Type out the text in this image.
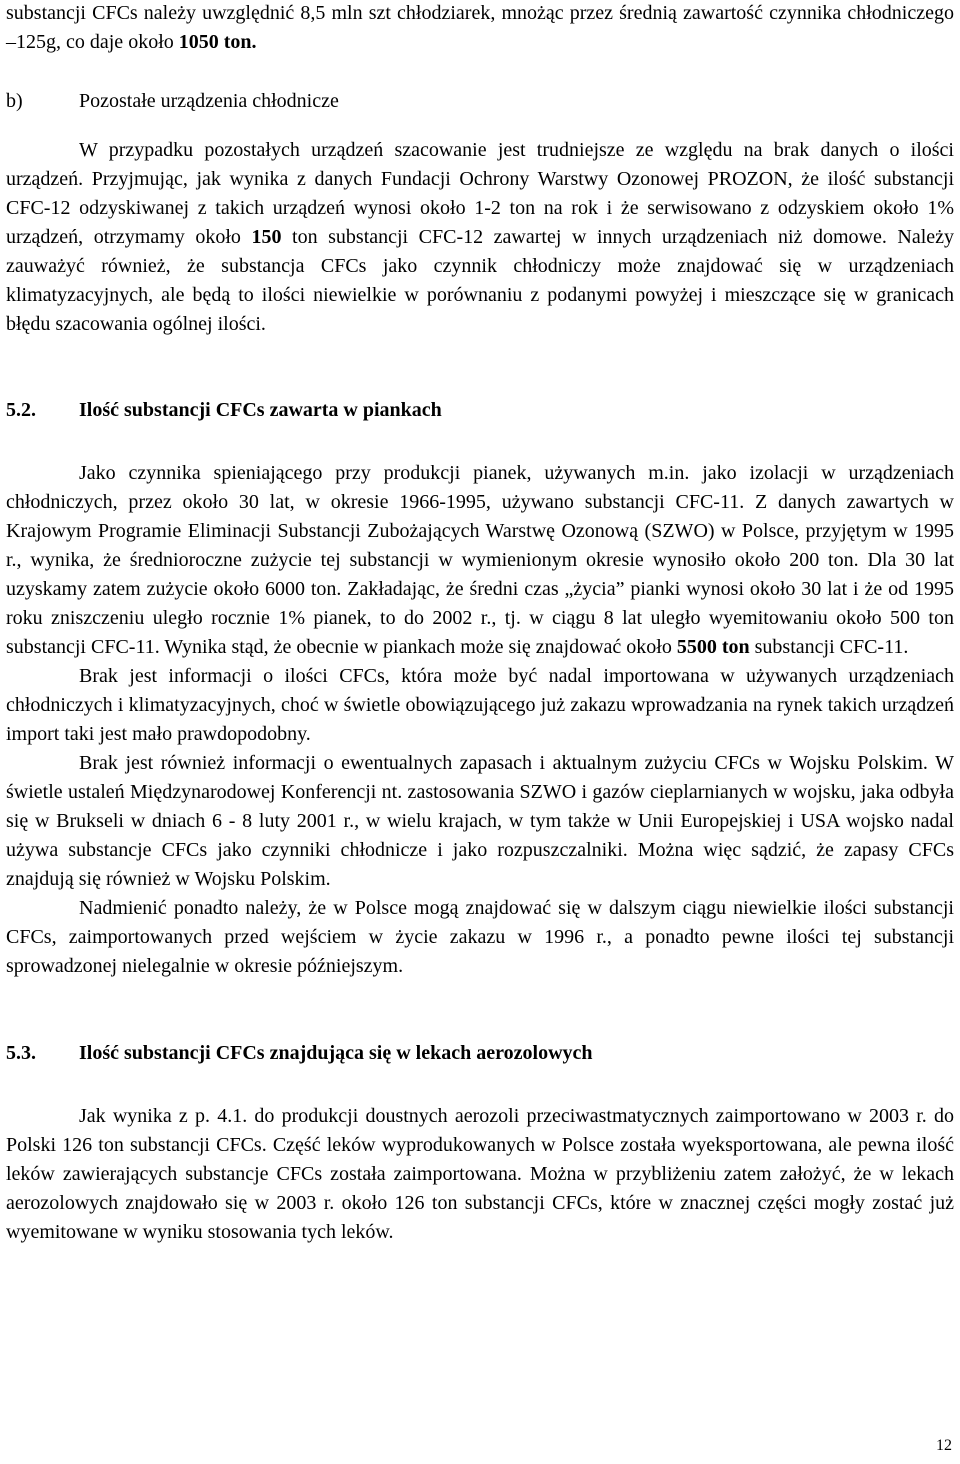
substancji CFCs należy uwzględnić 8,5 mln szt chłodziarek, mnożąc przez średnią zawartość czynnika chłodniczego –125g, co daje około 1050 ton.

b)	Pozostałe urządzenia chłodnicze

W przypadku pozostałych urządzeń szacowanie jest trudniejsze ze względu na brak danych o ilości urządzeń. Przyjmując, jak wynika z danych Fundacji Ochrony Warstwy Ozonowej PROZON, że ilość substancji CFC-12 odzyskiwanej z takich urządzeń wynosi około 1-2 ton na rok i że serwisowano z odzyskiem około 1% urządzeń, otrzymamy około 150 ton substancji CFC-12 zawartej w innych urządzeniach niż domowe. Należy zauważyć również, że substancja CFCs jako czynnik chłodniczy może znajdować się w urządzeniach klimatyzacyjnych, ale będą to ilości niewielkie w porównaniu z podanymi powyżej i mieszczące się w granicach błędu szacowania ogólnej ilości.

5.2.	Ilość substancji CFCs zawarta w piankach

Jako czynnika spieniającego przy produkcji pianek, używanych m.in. jako izolacji w urządzeniach chłodniczych, przez około 30 lat, w okresie 1966-1995, używano substancji CFC-11. Z danych zawartych w Krajowym Programie Eliminacji Substancji Zubożających Warstwę Ozonową (SZWO) w Polsce, przyjętym w 1995 r., wynika, że średnioroczne zużycie tej substancji w wymienionym okresie wynosiło około 200 ton. Dla 30 lat uzyskamy zatem zużycie około 6000 ton. Zakładając, że średni czas „życia” pianki wynosi około 30 lat i że od 1995 roku zniszczeniu uległo rocznie 1% pianek, to do 2002 r., tj. w ciągu 8 lat uległo wyemitowaniu około 500 ton substancji CFC-11. Wynika stąd, że obecnie w piankach może się znajdować około 5500 ton substancji CFC-11.

Brak jest informacji o ilości CFCs, która może być nadal importowana w używanych urządzeniach chłodniczych i klimatyzacyjnych, choć w świetle obowiązującego już zakazu wprowadzania na rynek takich urządzeń import taki jest mało prawdopodobny.

Brak jest również informacji o ewentualnych zapasach i aktualnym zużyciu CFCs w Wojsku Polskim. W świetle ustaleń Międzynarodowej Konferencji nt. zastosowania SZWO i gazów cieplarnianych w wojsku, jaka odbyła się w Brukseli w dniach 6 - 8 luty 2001 r., w wielu krajach, w tym także w Unii Europejskiej i USA wojsko nadal używa substancje CFCs jako czynniki chłodnicze i jako rozpuszczalniki. Można więc sądzić, że zapasy CFCs znajdują się również w Wojsku Polskim.

Nadmienić ponadto należy, że w Polsce mogą znajdować się w dalszym ciągu niewielkie ilości substancji CFCs, zaimportowanych przed wejściem w życie zakazu w 1996 r., a ponadto pewne ilości tej substancji sprowadzonej nielegalnie w okresie późniejszym.

5.3.	Ilość substancji CFCs znajdująca się w lekach aerozolowych

Jak wynika z p. 4.1. do produkcji doustnych aerozoli przeciwastmatycznych zaimportowano w 2003 r. do Polski 126 ton substancji CFCs. Część leków wyprodukowanych w Polsce została wyeksportowana, ale pewna ilość leków zawierających substancje CFCs została zaimportowana. Można w przybliżeniu zatem założyć, że w lekach aerozolowych znajdowało się w 2003 r. około 126 ton substancji CFCs, które w znacznej części mogły zostać już wyemitowane w wyniku stosowania tych leków.

12
